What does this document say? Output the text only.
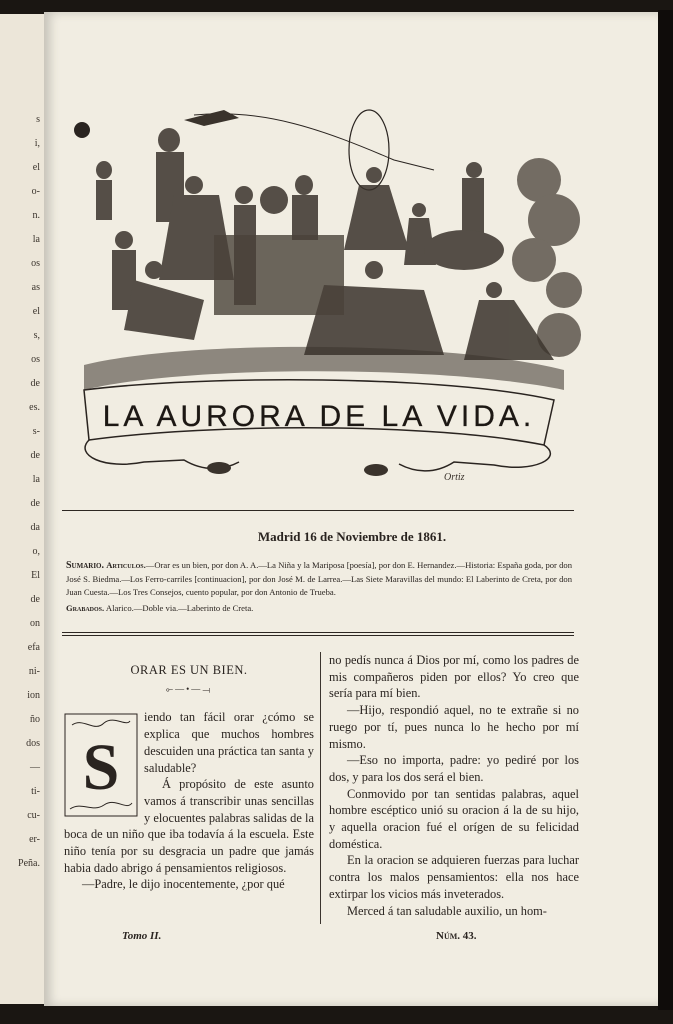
s
i,
el
o-
n.
la
os
as
el
s,
os
de
es.
s-
de
la
de
da
o,
El
de
on
efa
ni-
ion
ño
dos
—
ti-
cu-
er-
Peña.
LA AURORA DE LA VIDA.
Ortiz
Madrid 16 de Noviembre de 1861.

Sumario. Articulos.—Orar es un bien, por don A. A.—La Niña y la Mariposa [poesía], por don E. Hernandez.—Historia: España goda, por don José S. Biedma.—Los Ferro-carriles [continuacion], por don José M. de Larrea.—Las Siete Maravillas del mundo: El Laberinto de Creta, por don Juan Cuesta.—Los Tres Consejos, cuento popular, por don Antonio de Trueba.

Grabados. Alarico.—Doble via.—Laberinto de Creta.

ORAR ES UN BIEN.

⟜—•—⟞

S

iendo tan fácil orar ¿cómo se explica que muchos hombres descuiden una práctica tan santa y saludable?

Á propósito de este asunto vamos á transcribir unas sencillas y elocuentes palabras salidas de la boca de un niño que iba todavía á la escuela. Este niño tenía por su desgracia un padre que jamás habia dado abrigo á pensamientos religiosos.

—Padre, le dijo inocentemente, ¿por qué

no pedís nunca á Dios por mí, como los padres de mis compañeros piden por ellos? Yo creo que sería para mí bien.

—Hijo, respondió aquel, no te extrañe si no ruego por tí, pues nunca lo he hecho por mí mismo.

—Eso no importa, padre: yo pediré por los dos, y para los dos será el bien.

Conmovido por tan sentidas palabras, aquel hombre escéptico unió su oracion á la de su hijo, y aquella oracion fué el orígen de su felicidad doméstica.

En la oracion se adquieren fuerzas para luchar contra los malos pensamientos: ella nos hace extirpar los vicios más inveterados.

Merced á tan saludable auxilio, un hom-

Tomo II.	Núm. 43.
